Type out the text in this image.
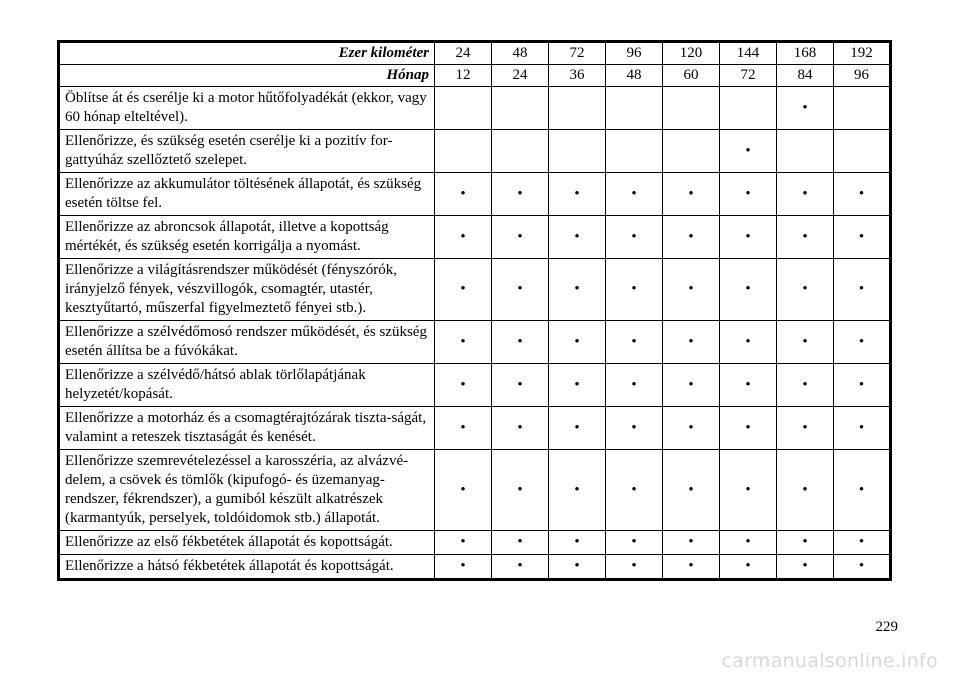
Ezer kilométer	24	48	72	96	120	144	168	192
Hónap	12	24	36	48	60	72	84	96
Öblítse át és cserélje ki a motor hűtőfolyadékát (ekkor, vagy 60 hónap elteltével).							•	
Ellenőrizze, és szükség esetén cserélje ki a pozitív for-gattyúház szellőztető szelepet.						•		
Ellenőrizze az akkumulátor töltésének állapotát, és szükség esetén töltse fel.	•	•	•	•	•	•	•	•
Ellenőrizze az abroncsok állapotát, illetve a kopottság mértékét, és szükség esetén korrigálja a nyomást.	•	•	•	•	•	•	•	•
Ellenőrizze a világításrendszer működését (fényszórók, irányjelző fények, vészvillogók, csomagtér, utastér, kesztyűtartó, műszerfal figyelmeztető fényei stb.).	•	•	•	•	•	•	•	•
Ellenőrizze a szélvédőmosó rendszer működését, és szükség esetén állítsa be a fúvókákat.	•	•	•	•	•	•	•	•
Ellenőrizze a szélvédő/hátsó ablak törlőlapátjának helyzetét/kopását.	•	•	•	•	•	•	•	•
Ellenőrizze a motorház és a csomagtérajtózárak tiszta-ságát, valamint a reteszek tisztaságát és kenését.	•	•	•	•	•	•	•	•
Ellenőrizze szemrevételezéssel a karosszéria, az alvázvé-delem, a csövek és tömlők (kipufogó- és üzemanyag-rendszer, fékrendszer), a gumiból készült alkatrészek (karmantyúk, perselyek, toldóidomok stb.) állapotát.	•	•	•	•	•	•	•	•
Ellenőrizze az első fékbetétek állapotát és kopottságát.	•	•	•	•	•	•	•	•
Ellenőrizze a hátsó fékbetétek állapotát és kopottságát.	•	•	•	•	•	•	•	•
229
carmanualsonline.info
